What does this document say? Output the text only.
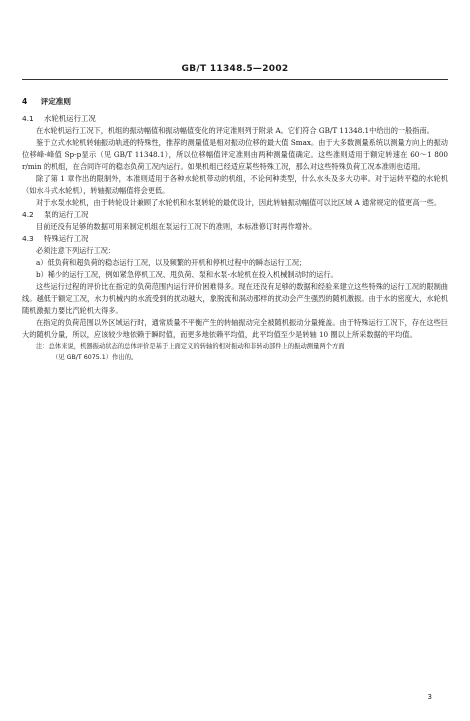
GB/T 11348.5—2002
4 评定准则
4.1 水轮机运行工况

在水轮机运行工况下，机组的振动幅值和振动幅值变化的评定准则列于附录 A。它们符合 GB/T 11348.1中给出的一般指南。

鉴于立式水轮机转轴振动轨迹的特殊性，推荐的测量值是相对振动位移的最大值 Smax。由于大多数测量系统以测量方向上的振动位移峰-峰值 Sp-p显示（见 GB/T 11348.1），所以位移幅值评定准则由两种测量值确定。这些准则适用于额定转速在 60～1 800 r/min 的机组，在合同许可的稳态负荷工况内运行。如果机组已经适应某些特殊工况，那么对这些特殊负荷工况本准则也适用。

除了第 1 章作出的限制外，本准则适用于各种水轮机带动的机组，不论何种类型，什么水头及多大功率。对于运转平稳的水轮机（如水斗式水轮机），转轴振动幅值将会更低。

对于水泵水轮机，由于转轮设计兼顾了水轮机和水泵转轮的最优设计，因此转轴振动幅值可以比区域 A 通常规定的值更高一些。

4.2 泵的运行工况

目前还没有足够的数据可用来制定机组在泵运行工况下的准则，本标准修订时再作增补。

4.3 特殊运行工况

必须注意下列运行工况：

a）低负荷和超负荷的稳态运行工况，以及频繁的开机和停机过程中的瞬态运行工况；

b）稀少的运行工况，例如紧急停机工况、甩负荷、泵和水泵-水轮机在投入机械制动时的运行。

这些运行过程的评价比在指定的负荷范围内运行评价困难得多。现在还没有足够的数据和经验来建立这些特殊的运行工况的限制曲线。越低于额定工况，水力机械内的水流受到的扰动越大，象脱流和涡动那样的扰动会产生强烈的随机激振。由于水的密度大，水轮机随机激振力要比汽轮机大得多。

在指定的负荷范围以外区域运行时，通常质量不平衡产生的转轴振动完全被随机振动分量掩盖。由于特殊运行工况下，存在这些巨大的随机分量，所以，应该较少地依赖于瞬时值，而更多地依赖平均值，此平均值至少是转轴 10 圈以上所采数据的平均值。

注：总体来说，机器振动状态的总体评价是基于上面定义的转轴的相对振动和非转动部件上的振动测量两个方面
（见 GB/T 6075.1）作出的。
3
